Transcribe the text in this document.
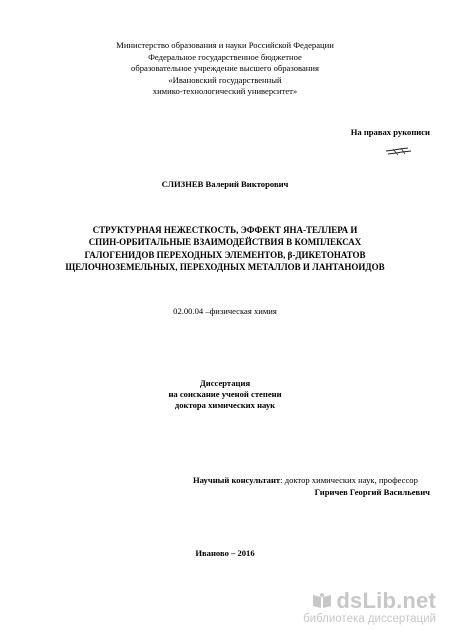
Министерство образования и науки Российской Федерации
Федеральное государственное бюджетное
образовательное учреждение высшего образования
«Ивановский государственный
химико-технологический университет»
На правах рукописи
СЛИЗНЕВ Валерий Викторович
СТРУКТУРНАЯ НЕЖЕСТКОСТЬ, ЭФФЕКТ ЯНА-ТЕЛЛЕРА И
СПИН-ОРБИТАЛЬНЫЕ ВЗАИМОДЕЙСТВИЯ В КОМПЛЕКСАХ
ГАЛОГЕНИДОВ ПЕРЕХОДНЫХ ЭЛЕМЕНТОВ, β-ДИКЕТОНАТОВ
ЩЕЛОЧНОЗЕМЕЛЬНЫХ, ПЕРЕХОДНЫХ МЕТАЛЛОВ И ЛАНТАНОИДОВ
02.00.04 –физическая химия
Диссертация
на соискание ученой степени
доктора химических наук
Научный консультант: доктор химических наук, профессор
Гиричев Георгий Васильевич
Иваново – 2016
dsLib.net
библиотека диссертаций
